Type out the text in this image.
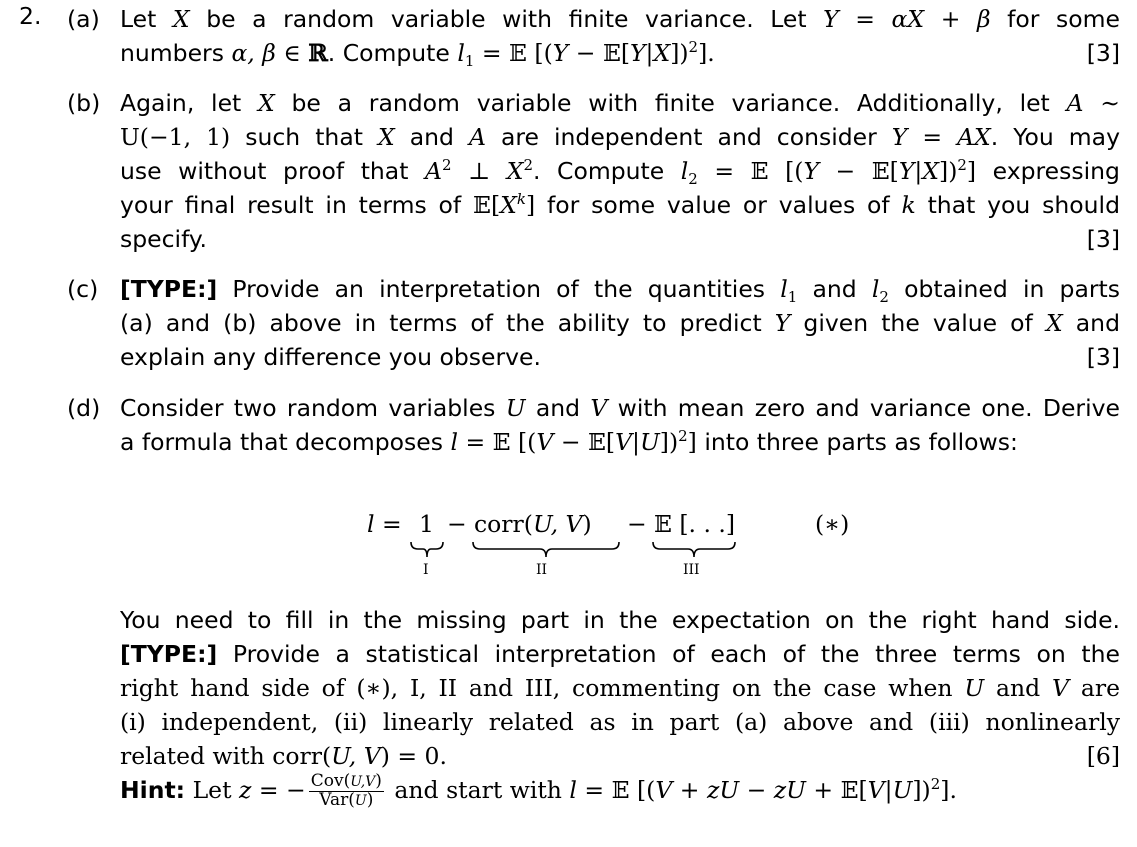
2. (a) Let X be a random variable with finite variance. Let Y = αX + β for some
numbers α, β ∈ ℝ. Compute $l_1$ = 𝔼 [(Y − 𝔼[Y|X])$^2$].	[3]
(b) Again, let X be a random variable with finite variance. Additionally, let A ∼
U(−1, 1) such that X and A are independent and consider Y = AX. You may
use without proof that $A^2$ ⊥ $X^2$. Compute $l_2$ = 𝔼 [(Y − 𝔼[Y|X])$^2$] expressing
your final result in terms of $𝔼[X^k]$ for some value or values of k that you should
specify.	[3]
(c) [TYPE:] Provide an interpretation of the quantities $l_1$ and $l_2$ obtained in parts
(a) and (b) above in terms of the ability to predict Y given the value of X and
explain any difference you observe.	[3]
(d) Consider two random variables U and V with mean zero and variance one. Derive
a formula that decomposes l = 𝔼 [(V − 𝔼[V|U])$^2$] into three parts as follows:
l = 1 − corr(U, V) − 𝔼 [. . .]
I	II	III
(∗)
You need to fill in the missing part in the expectation on the right hand side.
[TYPE:] Provide a statistical interpretation of each of the three terms on the
right hand side of (∗), I, II and III, commenting on the case when U and V are
(i) independent, (ii) linearly related as in part (a) above and (iii) nonlinearly
related with corr(U, V) = 0.	[6]
Hint: Let z = − $\frac{\text{Cov(U,V)}}{\text{Var(U)}}$ and start with l = 𝔼 [(V + zU − zU + 𝔼[V|U])$^2$].
